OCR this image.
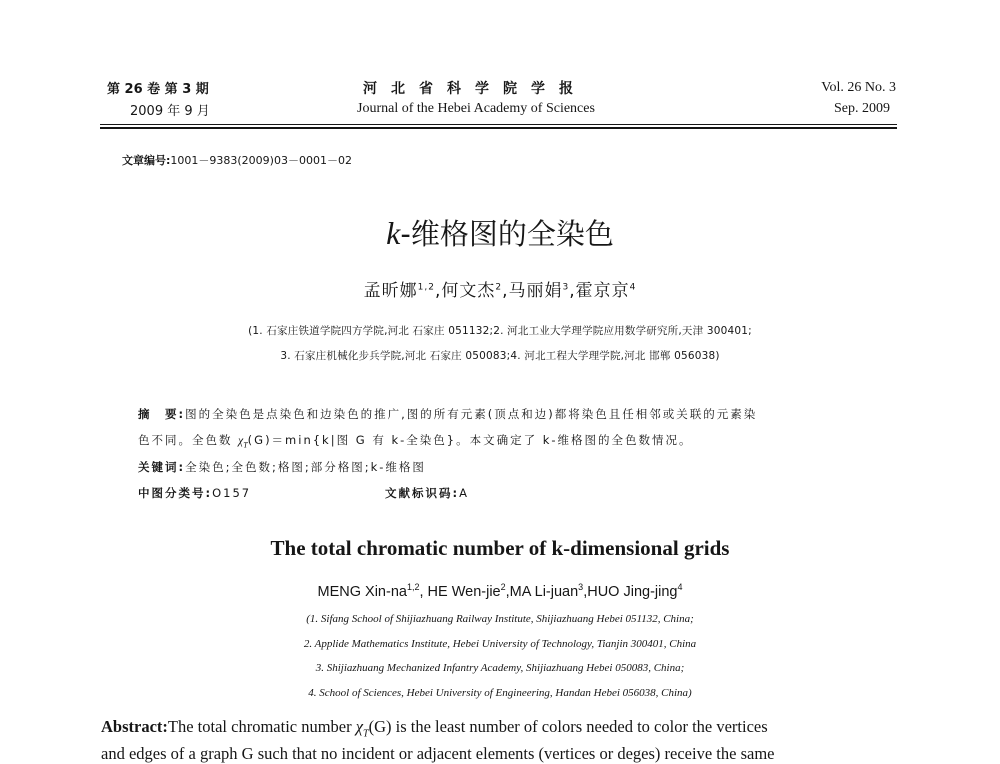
第 26 卷 第 3 期
2009 年 9 月
河北省科学院学报
Journal of the Hebei Academy of Sciences
Vol. 26 No. 3
Sep. 2009
文章编号:1001－9383(2009)03－0001－02
k-维格图的全染色
孟昕娜$^{1,2}$,何文杰$^2$,马丽娟$^3$,霍京京$^4$
(1. 石家庄铁道学院四方学院,河北 石家庄 051132;2. 河北工业大学理学院应用数学研究所,天津 300401;
3. 石家庄机械化步兵学院,河北 石家庄 050083;4. 河北工程大学理学院,河北 邯郸 056038)
摘　要:图的全染色是点染色和边染色的推广,图的所有元素(顶点和边)都将染色且任相邻或关联的元素染
色不同。全色数 $\chi_T(G)=\min\{k|$图 G 有 k-全染色}。本文确定了 k-维格图的全色数情况。
关键词:全染色;全色数;格图;部分格图;k-维格图
中图分类号:O157	文献标识码:A
The total chromatic number of k-dimensional grids
MENG Xin-na$^{1,2}$, HE Wen-jie$^2$,MA Li-juan$^3$,HUO Jing-jing$^4$
(1. Sifang School of Shijiazhuang Railway Institute, Shijiazhuang Hebei 051132, China;
2. Applide Mathematics Institute, Hebei University of Technology, Tianjin 300401, China
3. Shijiazhuang Mechanized Infantry Academy, Shijiazhuang Hebei 050083, China;
4. School of Sciences, Hebei University of Engineering, Handan Hebei 056038, China)
Abstract:The total chromatic number $\chi_T(G)$ is the least number of colors needed to color the vertices
and edges of a graph G such that no incident or adjacent elements (vertices or deges) receive the same
